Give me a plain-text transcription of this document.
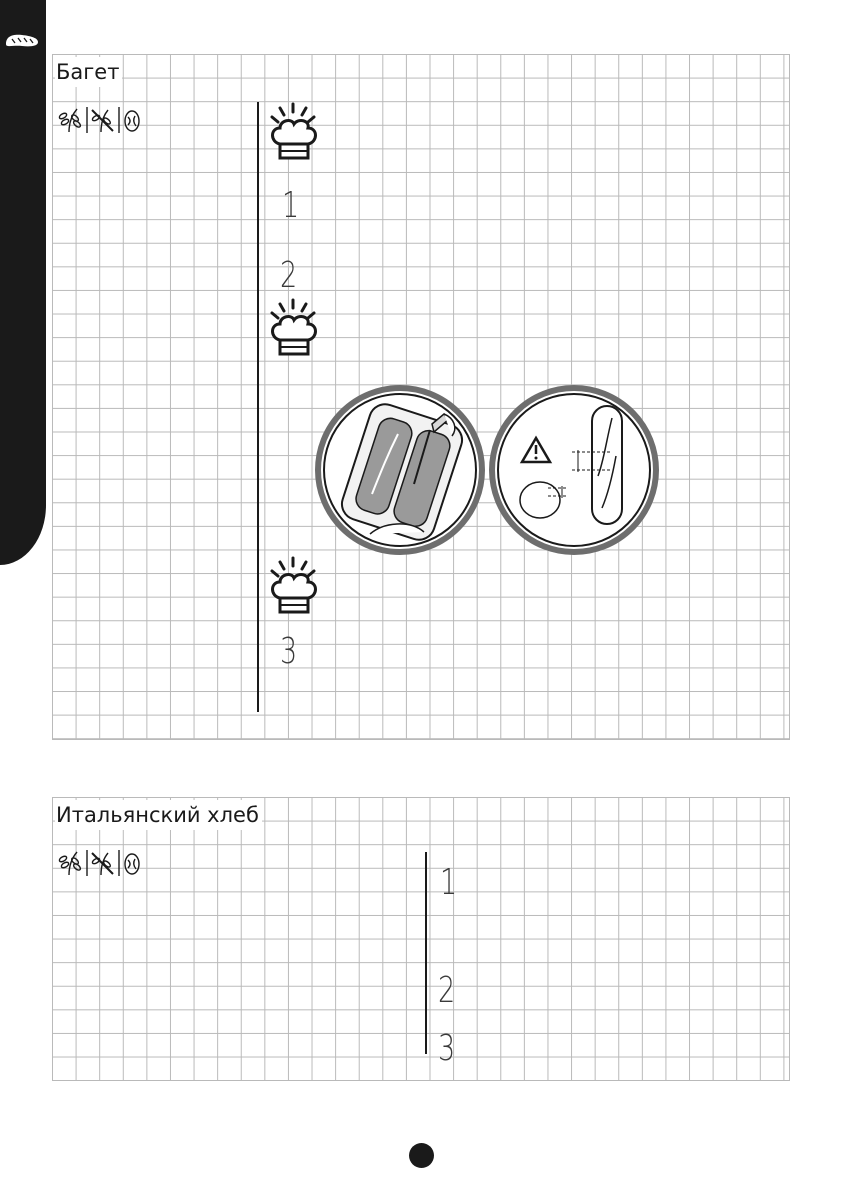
Багет
1
2
3
Итальянский хлеб
1
2
3
